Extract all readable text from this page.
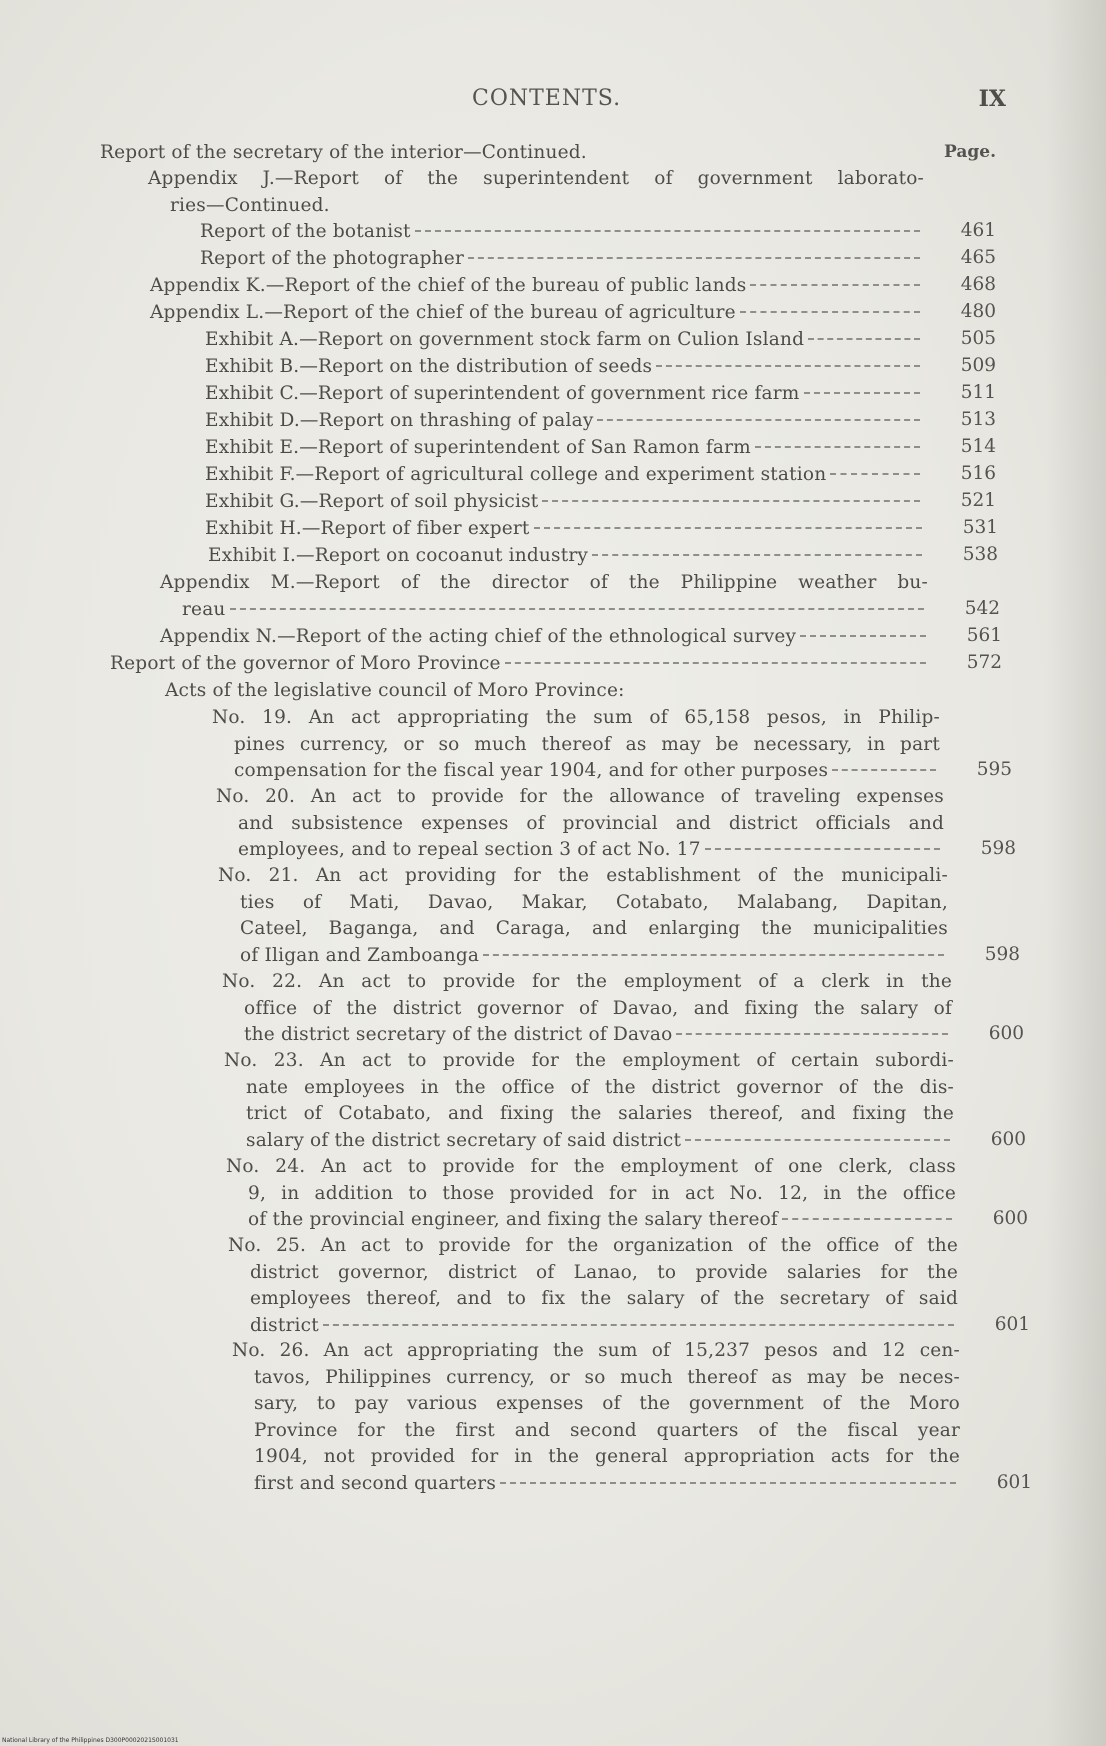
CONTENTS.	IX
Page.
Report of the secretary of the interior—Continued.
Appendix J.—Report of the superintendent of government laborato-
ries—Continued.
Report of the botanist	461
Report of the photographer	465
Appendix K.—Report of the chief of the bureau of public lands	468
Appendix L.—Report of the chief of the bureau of agriculture	480
Exhibit A.—Report on government stock farm on Culion Island	505
Exhibit B.—Report on the distribution of seeds	509
Exhibit C.—Report of superintendent of government rice farm	511
Exhibit D.—Report on thrashing of palay	513
Exhibit E.—Report of superintendent of San Ramon farm	514
Exhibit F.—Report of agricultural college and experiment station	516
Exhibit G.—Report of soil physicist	521
Exhibit H.—Report of fiber expert	531
Exhibit I.—Report on cocoanut industry	538
Appendix M.—Report of the director of the Philippine weather bu-
reau	542
Appendix N.—Report of the acting chief of the ethnological survey	561
Report of the governor of Moro Province	572
Acts of the legislative council of Moro Province:
No. 19. An act appropriating the sum of 65,158 pesos, in Philip-
pines currency, or so much thereof as may be necessary, in part
compensation for the fiscal year 1904, and for other purposes	595
No. 20. An act to provide for the allowance of traveling expenses
and subsistence expenses of provincial and district officials and
employees, and to repeal section 3 of act No. 17	598
No. 21. An act providing for the establishment of the municipali-
ties of Mati, Davao, Makar, Cotabato, Malabang, Dapitan,
Cateel, Baganga, and Caraga, and enlarging the municipalities
of Iligan and Zamboanga	598
No. 22. An act to provide for the employment of a clerk in the
office of the district governor of Davao, and fixing the salary of
the district secretary of the district of Davao	600
No. 23. An act to provide for the employment of certain subordi-
nate employees in the office of the district governor of the dis-
trict of Cotabato, and fixing the salaries thereof, and fixing the
salary of the district secretary of said district	600
No. 24. An act to provide for the employment of one clerk, class
9, in addition to those provided for in act No. 12, in the office
of the provincial engineer, and fixing the salary thereof	600
No. 25. An act to provide for the organization of the office of the
district governor, district of Lanao, to provide salaries for the
employees thereof, and to fix the salary of the secretary of said
district	601
No. 26. An act appropriating the sum of 15,237 pesos and 12 cen-
tavos, Philippines currency, or so much thereof as may be neces-
sary, to pay various expenses of the government of the Moro
Province for the first and second quarters of the fiscal year
1904, not provided for in the general appropriation acts for the
first and second quarters	601
National Library of the Philippines D300P0002021S001031
